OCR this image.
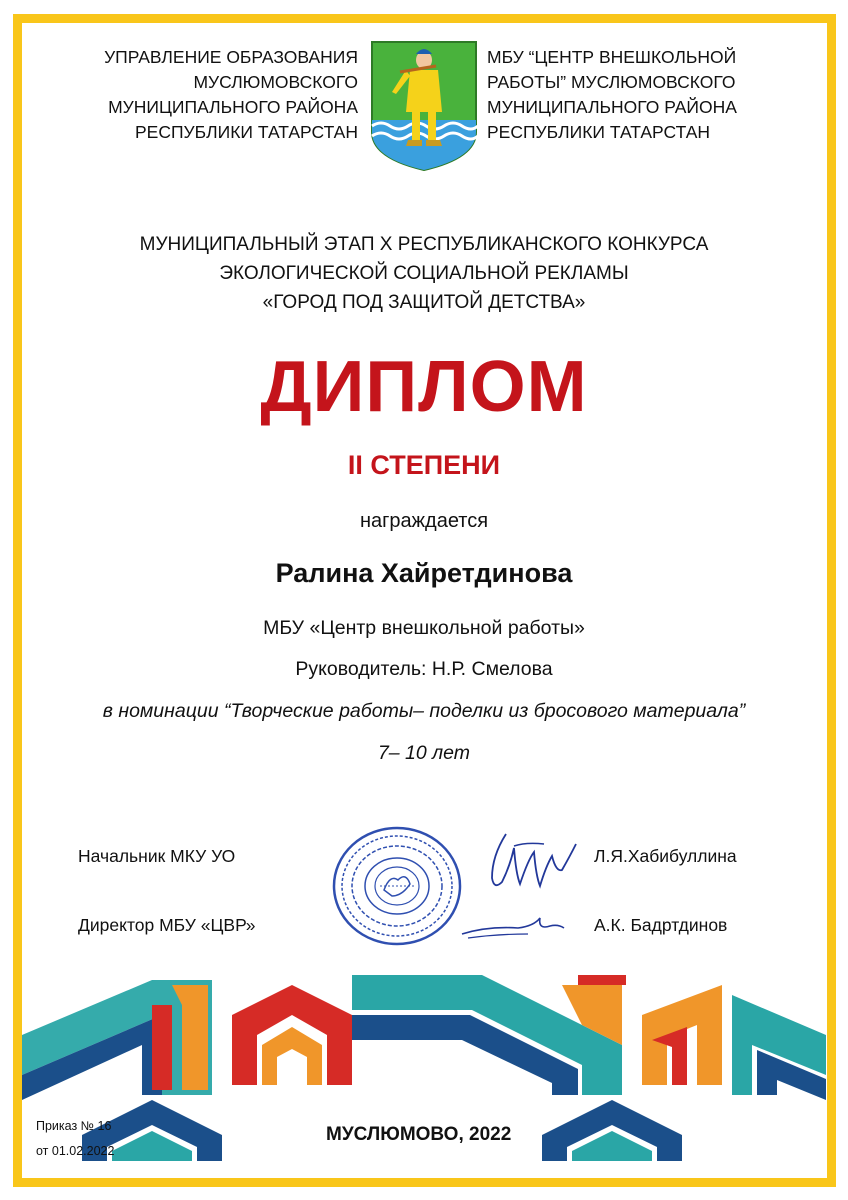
УПРАВЛЕНИЕ ОБРАЗОВАНИЯ
МУСЛЮМОВСКОГО
МУНИЦИПАЛЬНОГО РАЙОНА
РЕСПУБЛИКИ ТАТАРСТАН
МБУ “ЦЕНТР ВНЕШКОЛЬНОЙ
РАБОТЫ” МУСЛЮМОВСКОГО
МУНИЦИПАЛЬНОГО РАЙОНА
РЕСПУБЛИКИ ТАТАРСТАН
МУНИЦИПАЛЬНЫЙ ЭТАП X РЕСПУБЛИКАНСКОГО КОНКУРСА
ЭКОЛОГИЧЕСКОЙ СОЦИАЛЬНОЙ РЕКЛАМЫ
«ГОРОД ПОД ЗАЩИТОЙ ДЕТСТВА»
ДИПЛОМ
II СТЕПЕНИ
награждается
Ралина Хайретдинова
МБУ «Центр внешкольной работы»
Руководитель: Н.Р. Смелова
в номинации “Творческие работы– поделки из бросового материала”
7– 10 лет
Начальник МКУ УО	Л.Я.Хабибуллина
Директор МБУ «ЦВР»	А.К. Бадртдинов
Приказ № 16
от 01.02.2022
МУСЛЮМОВО, 2022
